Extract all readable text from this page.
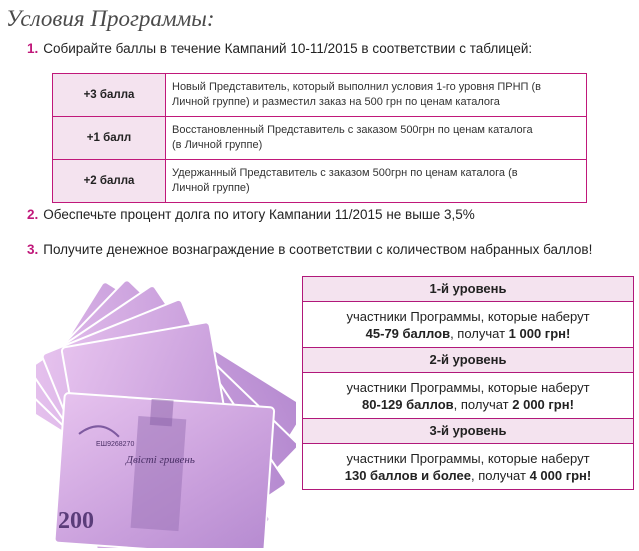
Условия Программы:
1. Собирайте баллы в течение Кампаний 10-11/2015 в соответствии с таблицей:
+3 балла	Новый Представитель, который выполнил условия 1-го уровня ПРНП (в
Личной группе) и разместил заказ на 500 грн по ценам каталога

+1 балл	Восстановленный Представитель с заказом 500грн по ценам каталога
(в Личной группе)

+2 балла	Удержанный Представитель с заказом 500грн по ценам каталога (в
Личной группе)
2. Обеспечьте процент долга по итогу Кампании 11/2015 не выше 3,5%
3. Получите денежное вознаграждение в соответствии с количеством набранных баллов!
200
ЕШ9268270
Двісті гривень
1-й уровень
участники Программы, которые наберут
45-79 баллов, получат 1 000 грн!
2-й уровень
участники Программы, которые наберут
80-129 баллов, получат 2 000 грн!
3-й уровень
участники Программы, которые наберут
130 баллов и более, получат 4 000 грн!
